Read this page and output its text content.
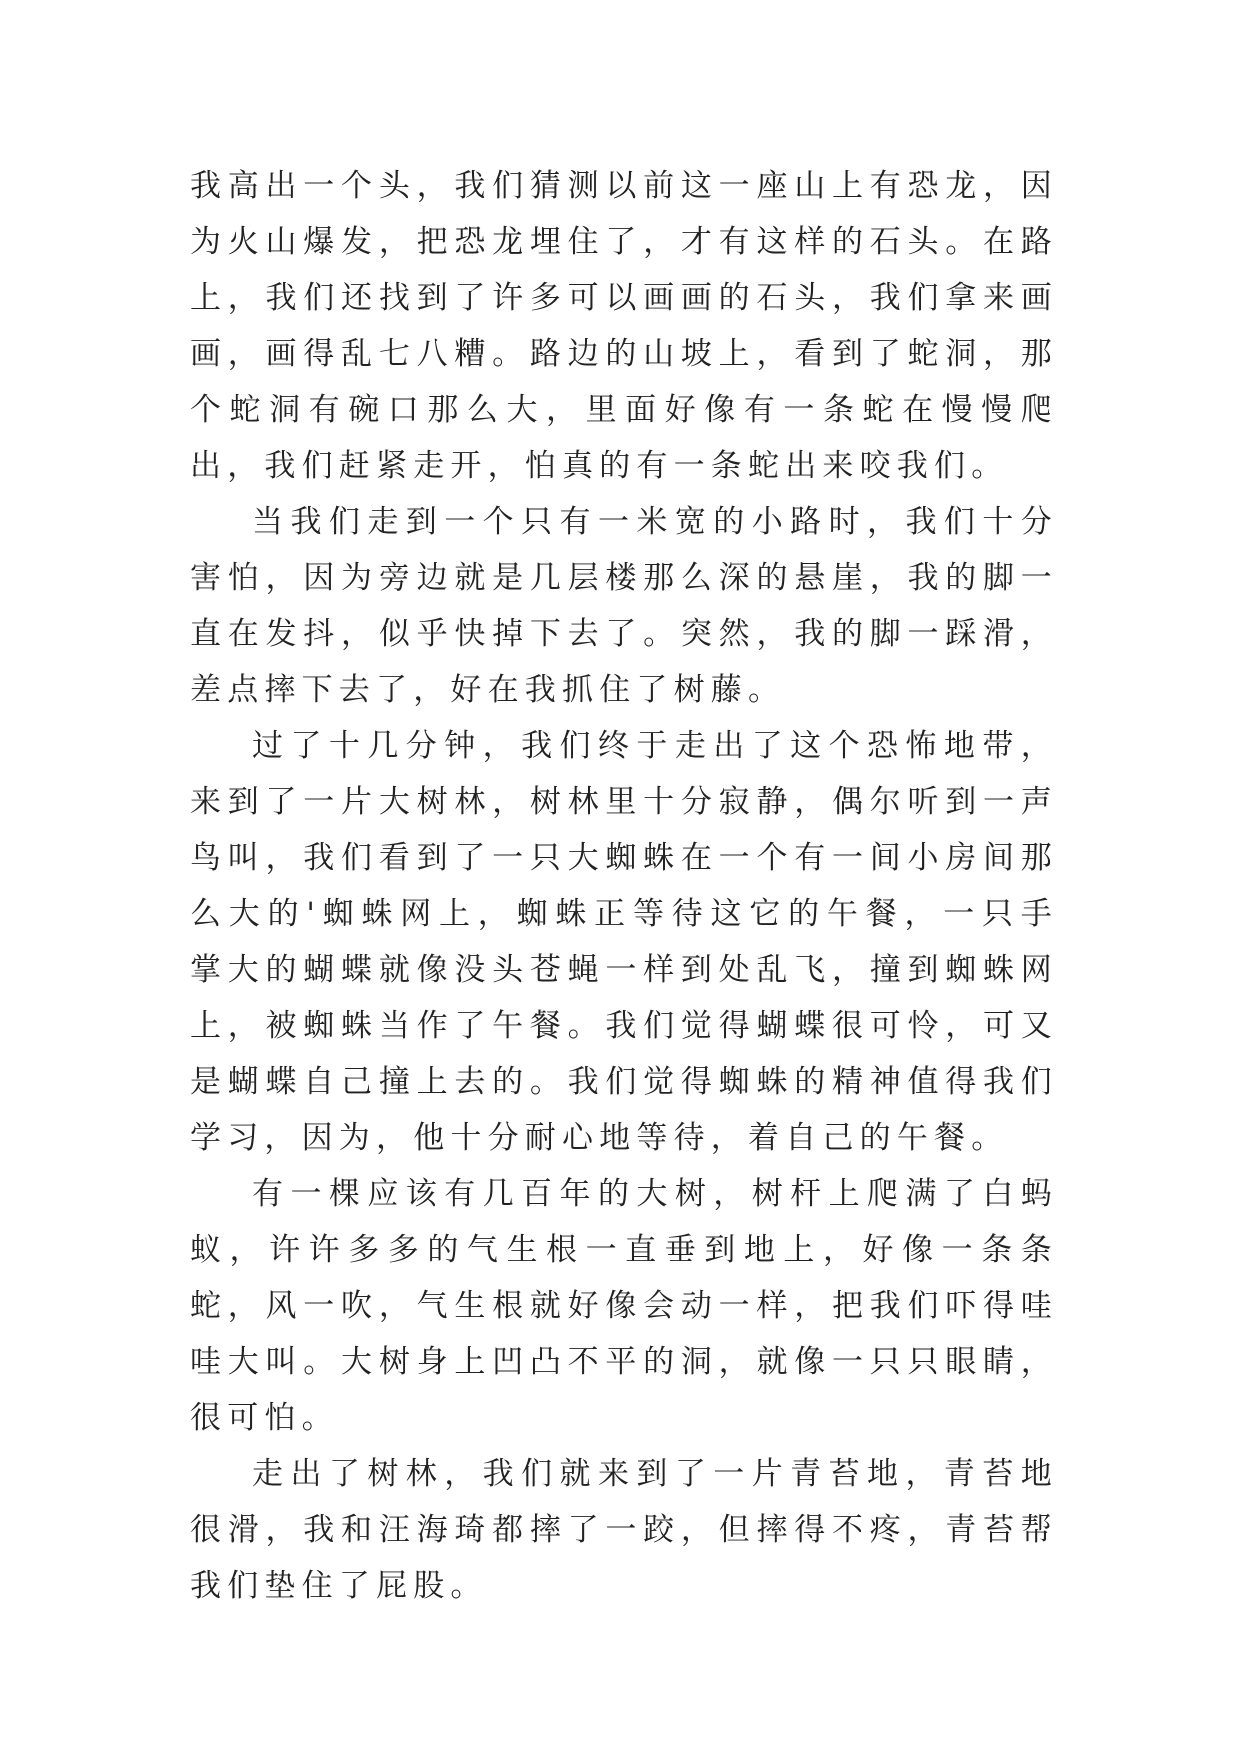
我高出一个头，我们猜测以前这一座山上有恐龙，因为火山爆发，把恐龙埋住了，才有这样的石头。在路上，我们还找到了许多可以画画的石头，我们拿来画画，画得乱七八糟。路边的山坡上，看到了蛇洞，那个蛇洞有碗口那么大，里面好像有一条蛇在慢慢爬出，我们赶紧走开，怕真的有一条蛇出来咬我们。

当我们走到一个只有一米宽的小路时，我们十分害怕，因为旁边就是几层楼那么深的悬崖，我的脚一直在发抖，似乎快掉下去了。突然，我的脚一踩滑，差点摔下去了，好在我抓住了树藤。

过了十几分钟，我们终于走出了这个恐怖地带，来到了一片大树林，树林里十分寂静，偶尔听到一声鸟叫，我们看到了一只大蜘蛛在一个有一间小房间那么大的'蜘蛛网上，蜘蛛正等待这它的午餐，一只手掌大的蝴蝶就像没头苍蝇一样到处乱飞，撞到蜘蛛网上，被蜘蛛当作了午餐。我们觉得蝴蝶很可怜，可又是蝴蝶自己撞上去的。我们觉得蜘蛛的精神值得我们学习，因为，他十分耐心地等待，着自己的午餐。

有一棵应该有几百年的大树，树杆上爬满了白蚂蚁，许许多多的气生根一直垂到地上，好像一条条蛇，风一吹，气生根就好像会动一样，把我们吓得哇哇大叫。大树身上凹凸不平的洞，就像一只只眼睛，很可怕。

走出了树林，我们就来到了一片青苔地，青苔地很滑，我和汪海琦都摔了一跤，但摔得不疼，青苔帮我们垫住了屁股。
